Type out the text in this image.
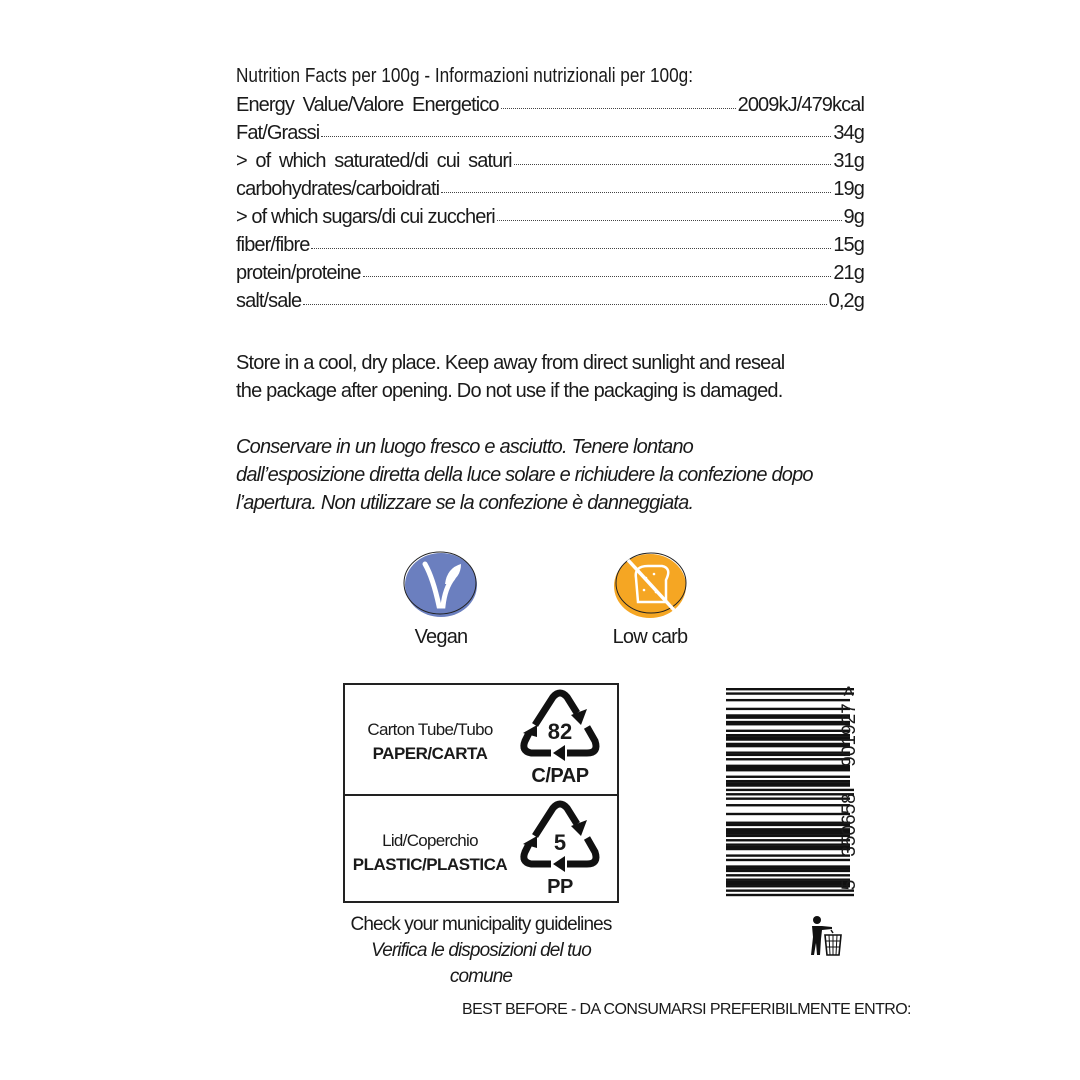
Nutrition Facts per 100g - Informazioni nutrizionali per 100g:
Energy Value/Valore Energetico	2009kJ/479kcal
Fat/Grassi	34g
> of which saturated/di cui saturi	31g
carbohydrates/carboidrati	19g
> of which sugars/di cui zuccheri	9g
fiber/fibre	15g
protein/proteine	21g
salt/sale	0,2g
Store in a cool, dry place. Keep away from direct sunlight and reseal the package after opening. Do not use if the packaging is damaged.
Conservare in un luogo fresco e asciutto. Tenere lontano dall’esposizione diretta della luce solare e richiudere la confezione dopo l’apertura. Non utilizzare se la confezione è danneggiata.
Vegan	Low carb
Carton Tube/Tubo
PAPER/CARTA
82
C/PAP
Lid/Coperchio
PLASTIC/PLASTICA
5
PP
Check your municipality guidelines
Verifica le disposizioni del tuo comune
5
350658
901927
>
BEST BEFORE - DA CONSUMARSI PREFERIBILMENTE ENTRO:
